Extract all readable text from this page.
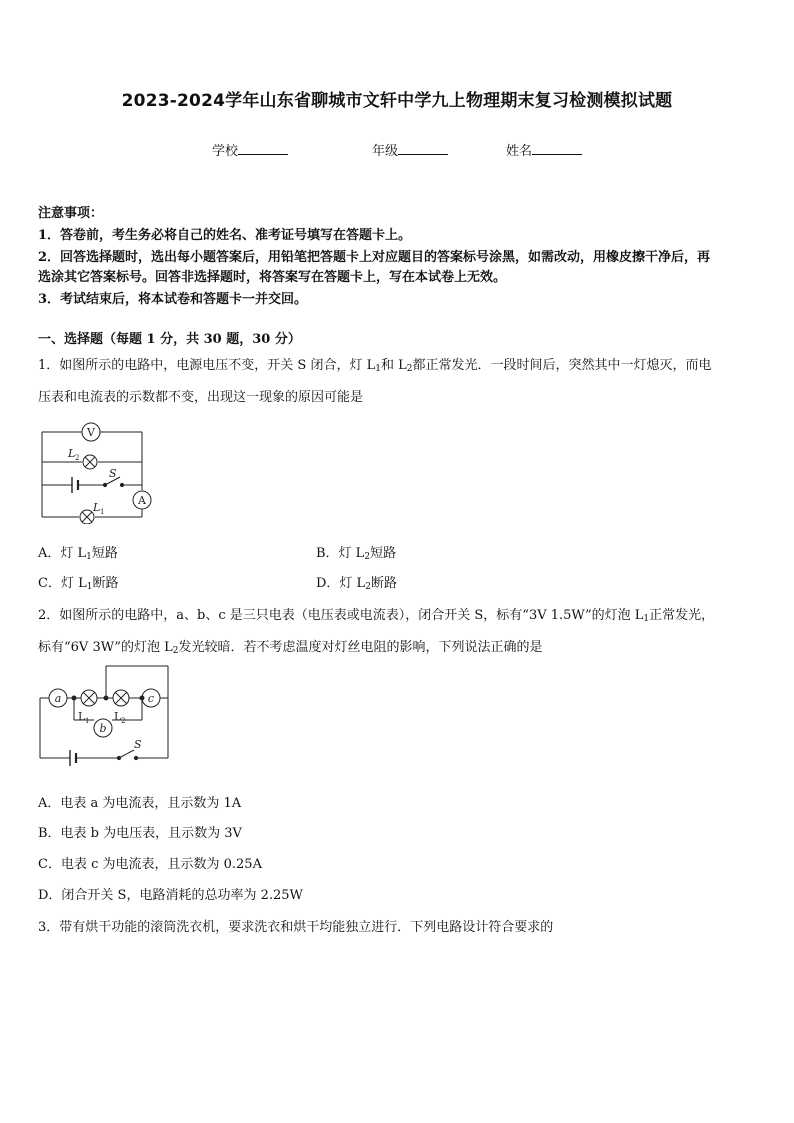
2023-2024学年山东省聊城市文轩中学九上物理期末复习检测模拟试题
学校	年级	姓名
注意事项：
1．答卷前，考生务必将自己的姓名、准考证号填写在答题卡上。
2．回答选择题时，选出每小题答案后，用铅笔把答题卡上对应题目的答案标号涂黑，如需改动，用橡皮擦干净后，再
选涂其它答案标号。回答非选择题时，将答案写在答题卡上，写在本试卷上无效。
3．考试结束后，将本试卷和答题卡一并交回。
一、选择题（每题 1 分，共 30 题，30 分）
1．如图所示的电路中，电源电压不变，开关 S 闭合，灯 $L_1$和 $L_2$都正常发光．一段时间后，突然其中一灯熄灭，而电
压表和电流表的示数都不变，出现这一现象的原因可能是
V
A
L 2
S
L 1
A．灯 $L_1$短路	B．灯 $L_2$短路
C．灯 $L_1$断路	D．灯 $L_2$断路
2．如图所示的电路中，a、b、c 是三只电表（电压表或电流表），闭合开关 S，标有“3V 1.5W”的灯泡 $L_1$正常发光，
标有“6V 3W”的灯泡 $L_2$发光较暗．若不考虑温度对灯丝电阻的影响，下列说法正确的是
a
b
c
S
L 1 L 2
A．电表 a 为电流表，且示数为 1A
B．电表 b 为电压表，且示数为 3V
C．电表 c 为电流表，且示数为 0.25A
D．闭合开关 S，电路消耗的总功率为 2.25W
3．带有烘干功能的滚筒洗衣机，要求洗衣和烘干均能独立进行．下列电路设计符合要求的
